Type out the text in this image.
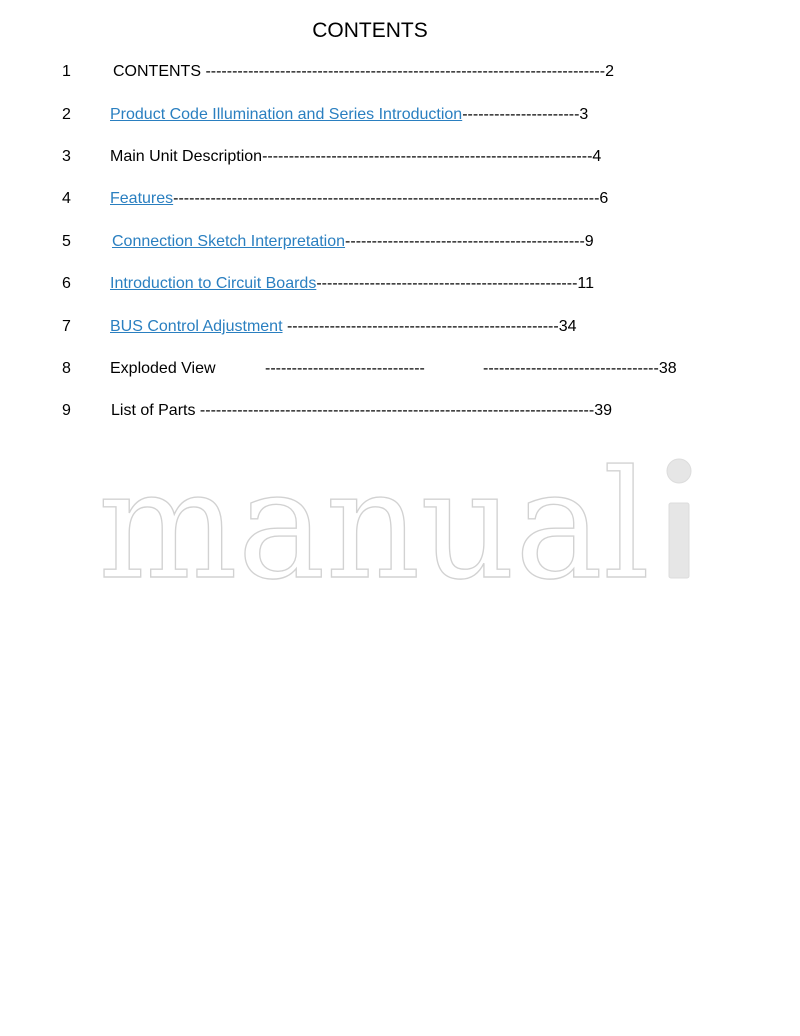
CONTENTS
1	CONTENTS ---------------------------------------------------------------------------2
2 Product Code Illumination and Series Introduction----------------------3
3 Main Unit Description--------------------------------------------------------------4
4 Features--------------------------------------------------------------------------------6
5	Connection Sketch Interpretation---------------------------------------------9
6 Introduction to Circuit Boards-------------------------------------------------11
7 BUS Control Adjustment ---------------------------------------------------34
8 Exploded View	------------------------------	---------------------------------38
9	List of Parts --------------------------------------------------------------------------39
manual
